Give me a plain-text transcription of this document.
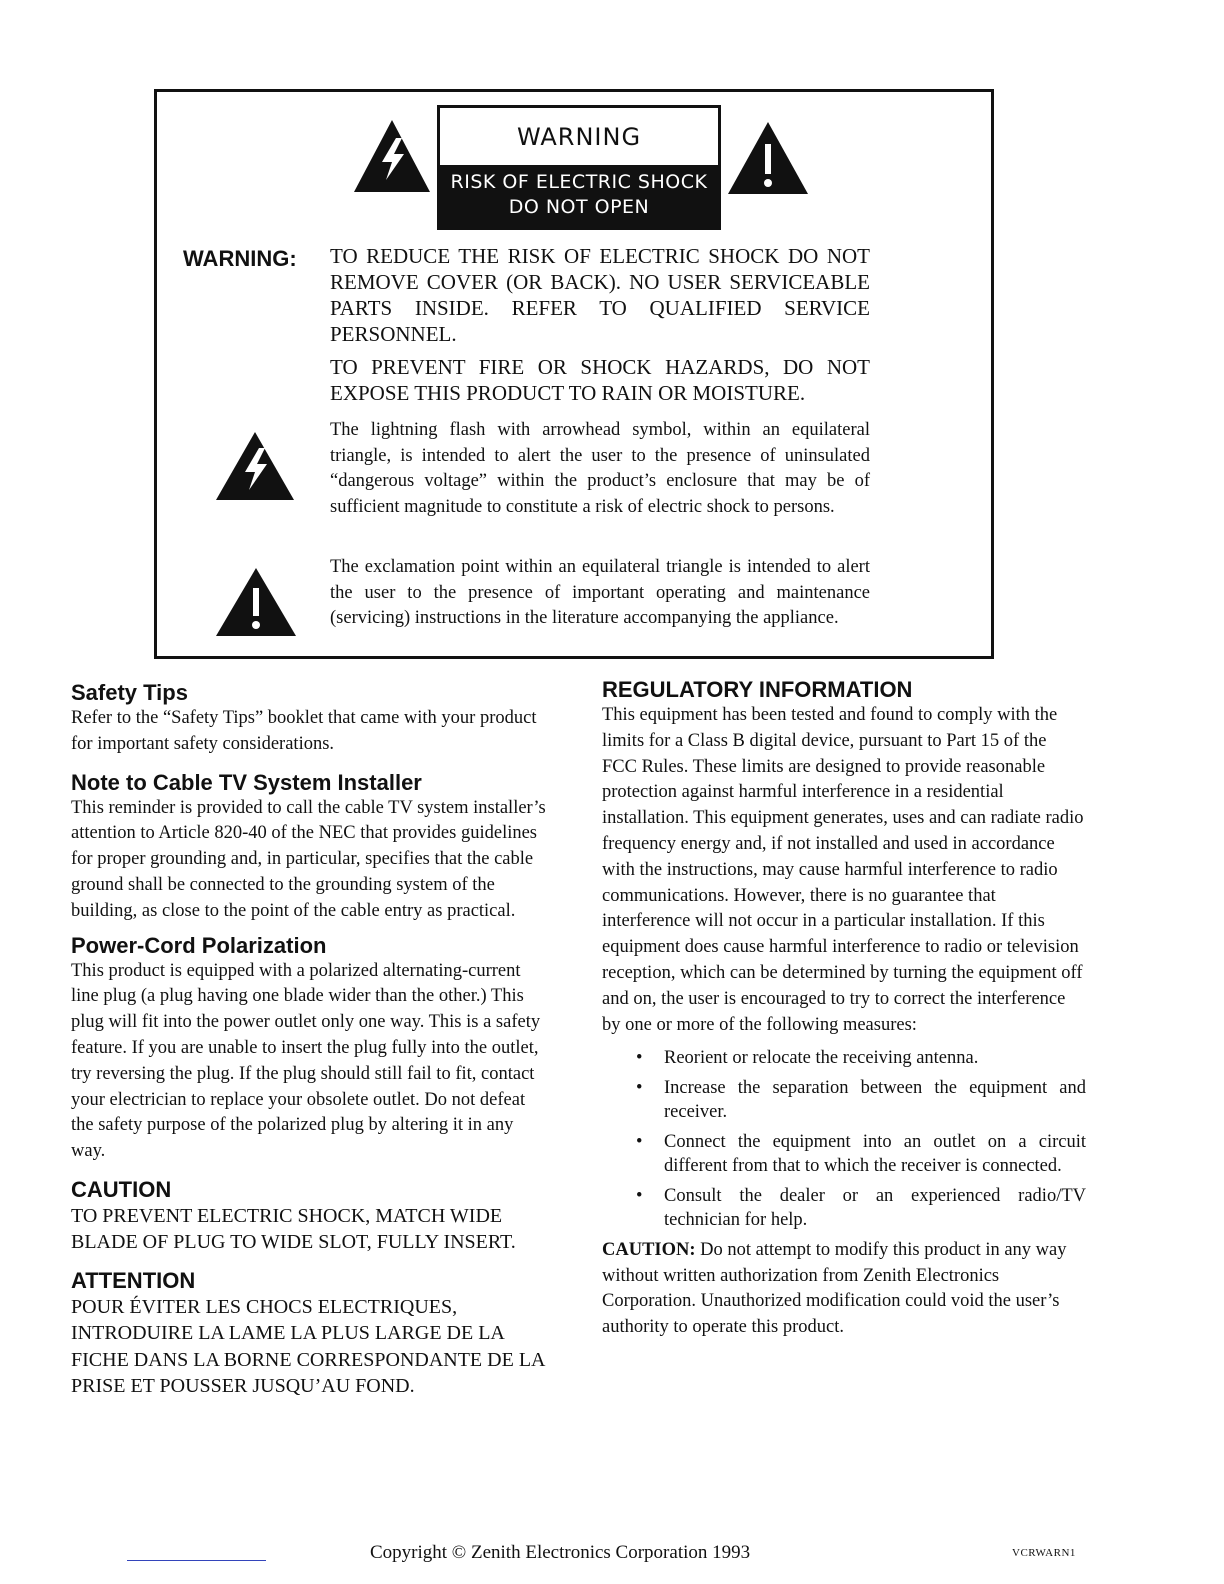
WARNING
RISK OF ELECTRIC SHOCK
DO NOT OPEN
WARNING: TO REDUCE THE RISK OF ELECTRIC SHOCK DO NOT REMOVE COVER (OR BACK). NO USER SERVICEABLE PARTS INSIDE. REFER TO QUALIFIED SERVICE PERSONNEL.
TO PREVENT FIRE OR SHOCK HAZARDS, DO NOT EXPOSE THIS PRODUCT TO RAIN OR MOISTURE.
The lightning flash with arrowhead symbol, within an equilateral triangle, is intended to alert the user to the presence of uninsulated “dangerous voltage” within the product’s enclosure that may be of sufficient magnitude to constitute a risk of electric shock to persons.
The exclamation point within an equilateral triangle is intended to alert the user to the presence of important operating and maintenance (servicing) instructions in the literature accompanying the appliance.
Safety Tips

Refer to the “Safety Tips” booklet that came with your product for important safety considerations.

Note to Cable TV System Installer

This reminder is provided to call the cable TV system installer’s attention to Article 820-40 of the NEC that provides guidelines for proper grounding and, in particular, specifies that the cable ground shall be connected to the grounding system of the building, as close to the point of the cable entry as practical.

Power-Cord Polarization

This product is equipped with a polarized alternating-current line plug (a plug having one blade wider than the other.) This plug will fit into the power outlet only one way. This is a safety feature. If you are unable to insert the plug fully into the outlet, try reversing the plug. If the plug should still fail to fit, contact your electrician to replace your obsolete outlet. Do not defeat the safety purpose of the polarized plug by altering it in any way.

CAUTION

TO PREVENT ELECTRIC SHOCK, MATCH WIDE BLADE OF PLUG TO WIDE SLOT, FULLY INSERT.

ATTENTION

POUR ÉVITER LES CHOCS ELECTRIQUES, INTRODUIRE LA LAME LA PLUS LARGE DE LA FICHE DANS LA BORNE CORRESPONDANTE DE LA PRISE ET POUSSER JUSQU’AU FOND.

REGULATORY INFORMATION

This equipment has been tested and found to comply with the limits for a Class B digital device, pursuant to Part 15 of the FCC Rules. These limits are designed to provide reasonable protection against harmful interference in a residential installation. This equipment generates, uses and can radiate radio frequency energy and, if not installed and used in accordance with the instructions, may cause harmful interference to radio communications. However, there is no guarantee that interference will not occur in a particular installation. If this equipment does cause harmful interference to radio or television reception, which can be determined by turning the equipment off and on, the user is encouraged to try to correct the interference by one or more of the following measures:

• Reorient or relocate the receiving antenna.
• Increase the separation between the equipment and receiver.
• Connect the equipment into an outlet on a circuit different from that to which the receiver is connected.
• Consult the dealer or an experienced radio/TV technician for help.

CAUTION: Do not attempt to modify this product in any way without written authorization from Zenith Electronics Corporation. Unauthorized modification could void the user’s authority to operate this product.

Copyright © Zenith Electronics Corporation 1993	VCRWARN1
